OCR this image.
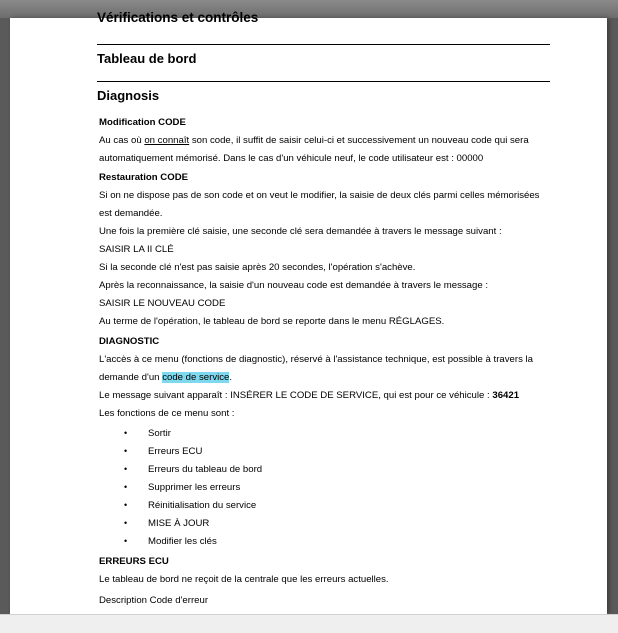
Vérifications et contrôles
Tableau de bord
Diagnosis
Modification CODE
Au cas où on connaît son code, il suffit de saisir celui-ci et successivement un nouveau code qui sera
automatiquement mémorisé. Dans le cas d'un véhicule neuf, le code utilisateur est : 00000
Restauration CODE
Si on ne dispose pas de son code et on veut le modifier, la saisie de deux clés parmi celles mémorisées
est demandée.
Une fois la première clé saisie, une seconde clé sera demandée à travers le message suivant :
SAISIR LA II CLÉ
Si la seconde clé n'est pas saisie après 20 secondes, l'opération s'achève.
Après la reconnaissance, la saisie d'un nouveau code est demandée à travers le message :
SAISIR LE NOUVEAU CODE
Au terme de l'opération, le tableau de bord se reporte dans le menu RÉGLAGES.
DIAGNOSTIC
L'accès à ce menu (fonctions de diagnostic), réservé à l'assistance technique, est possible à travers la
demande d'un code de service.
Le message suivant apparaît : INSÉRER LE CODE DE SERVICE, qui est pour ce véhicule : 36421
Les fonctions de ce menu sont :
• Sortir
• Erreurs ECU
• Erreurs du tableau de bord
• Supprimer les erreurs
• Réinitialisation du service
• MISE À JOUR
• Modifier les clés
ERREURS ECU
Le tableau de bord ne reçoit de la centrale que les erreurs actuelles.
Description Code d'erreur
